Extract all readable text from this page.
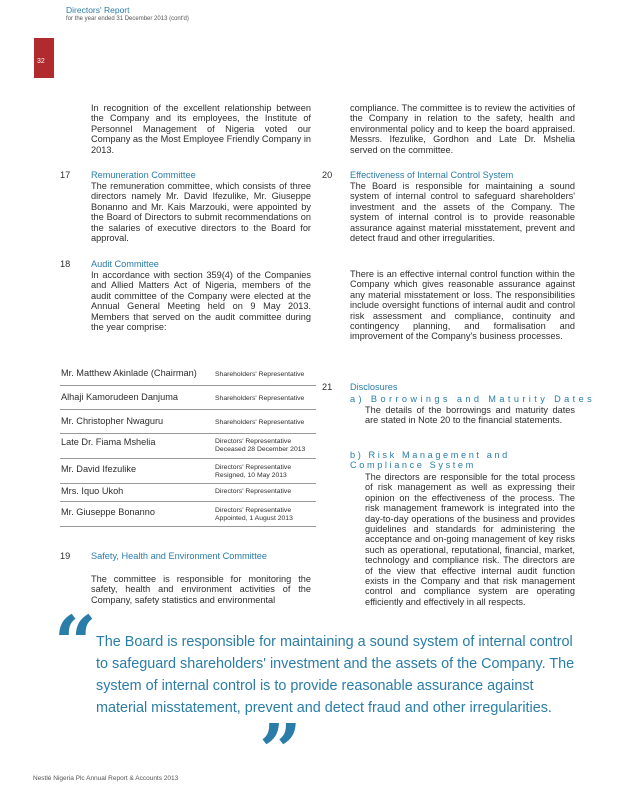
Directors' Report
for the year ended 31 December 2013 (cont'd)
32
In recognition of the excellent relationship between the Company and its employees, the Institute of Personnel Management of Nigeria voted our Company as the Most Employee Friendly Company in 2013.
17 Remuneration Committee
The remuneration committee, which consists of three directors namely Mr. David Ifezulike, Mr. Giuseppe Bonanno and Mr. Kais Marzouki, were appointed by the Board of Directors to submit recommendations on the salaries of executive directors to the Board for approval.
18 Audit Committee
In accordance with section 359(4) of the Companies and Allied Matters Act of Nigeria, members of the audit committee of the Company were elected at the Annual General Meeting held on 9 May 2013. Members that served on the audit committee during the year comprise:
Mr. Matthew Akinlade (Chairman)	Shareholders' Representative
Alhaji Kamorudeen Danjuma	Shareholders' Representative
Mr. Christopher Nwaguru	Shareholders' Representative
Late Dr. Fiama Mshelia	Directors' Representative
Deceased 28 December 2013
Mr. David Ifezulike	Directors' Representative
Resigned, 10 May 2013
Mrs. Iquo Ukoh	Directors' Representative
Mr. Giuseppe Bonanno	Directors' Representative
Appointed, 1 August 2013
19 Safety, Health and Environment Committee
The committee is responsible for monitoring the safety, health and environment activities of the Company, safety statistics and environmental
compliance. The committee is to review the activities of the Company in relation to the safety, health and environmental policy and to keep the board appraised. Messrs. Ifezulike, Gordhon and Late Dr. Mshelia served on the committee.
20 Effectiveness of Internal Control System
The Board is responsible for maintaining a sound system of internal control to safeguard shareholders' investment and the assets of the Company. The system of internal control is to provide reasonable assurance against material misstatement, prevent and detect fraud and other irregularities.
There is an effective internal control function within the Company which gives reasonable assurance against any material misstatement or loss. The responsibilities include oversight functions of internal audit and control risk assessment and compliance, continuity and contingency planning, and formalisation and improvement of the Company's business processes.
21 Disclosures
a) Borrowings and Maturity Dates
The details of the borrowings and maturity dates are stated in Note 20 to the financial statements.
b) Risk Management and Compliance System
The directors are responsible for the total process of risk management as well as expressing their opinion on the effectiveness of the process. The risk management framework is integrated into the day-to-day operations of the business and provides guidelines and standards for administering the acceptance and on-going management of key risks such as operational, reputational, financial, market, technology and compliance risk. The directors are of the view that effective internal audit function exists in the Company and that risk management control and compliance system are operating efficiently and effectively in all respects.
“ The Board is responsible for maintaining a sound system of internal control to safeguard shareholders' investment and the assets of the Company. The system of internal control is to provide reasonable assurance against material misstatement, prevent and detect fraud and other irregularities.
”
Nestlé Nigeria Plc Annual Report & Accounts 2013
